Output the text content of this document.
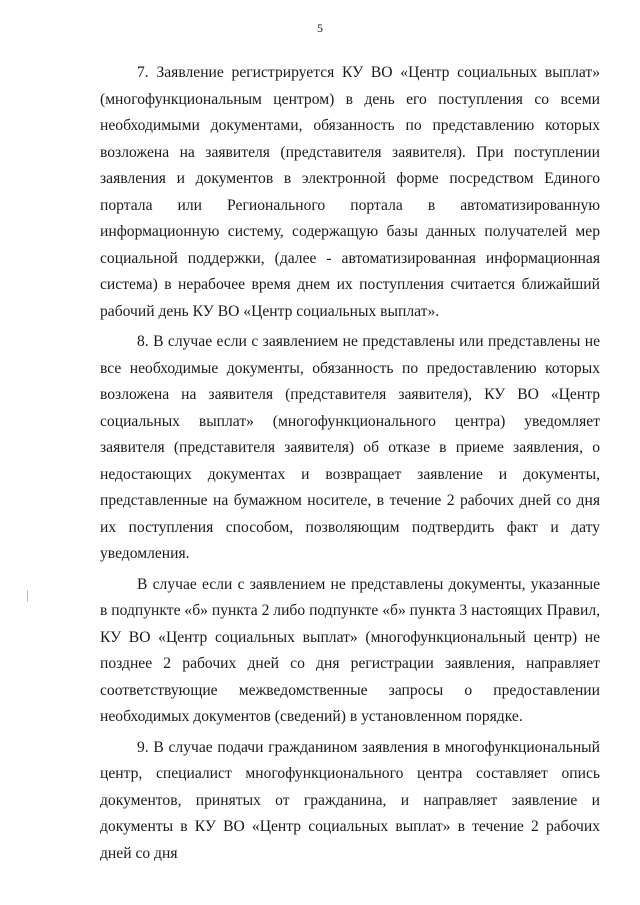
5

7. Заявление регистрируется КУ ВО «Центр социальных выплат» (многофункциональным центром) в день его поступления со всеми необходимыми документами, обязанность по представлению которых возложена на заявителя (представителя заявителя). При поступлении заявления и документов в электронной форме посредством Единого портала или Регионального портала в автоматизированную информационную систему, содержащую базы данных получателей мер социальной поддержки, (далее - автоматизированная информационная система) в нерабочее время днем их поступления считается ближайший рабочий день КУ ВО «Центр социальных выплат».

8. В случае если с заявлением не представлены или представлены не все необходимые документы, обязанность по предоставлению которых возложена на заявителя (представителя заявителя), КУ ВО «Центр социальных выплат» (многофункционального центра) уведомляет заявителя (представителя заявителя) об отказе в приеме заявления, о недостающих документах и возвращает заявление и документы, представленные на бумажном носителе, в течение 2 рабочих дней со дня их поступления способом, позволяющим подтвердить факт и дату уведомления.

В случае если с заявлением не представлены документы, указанные в подпункте «б» пункта 2 либо подпункте «б» пункта 3 настоящих Правил, КУ ВО «Центр социальных выплат» (многофункциональный центр) не позднее 2 рабочих дней со дня регистрации заявления, направляет соответствующие межведомственные запросы о предоставлении необходимых документов (сведений) в установленном порядке.

9. В случае подачи гражданином заявления в многофункциональный центр, специалист многофункционального центра составляет опись документов, принятых от гражданина, и направляет заявление и документы в КУ ВО «Центр социальных выплат» в течение 2 рабочих дней со дня
